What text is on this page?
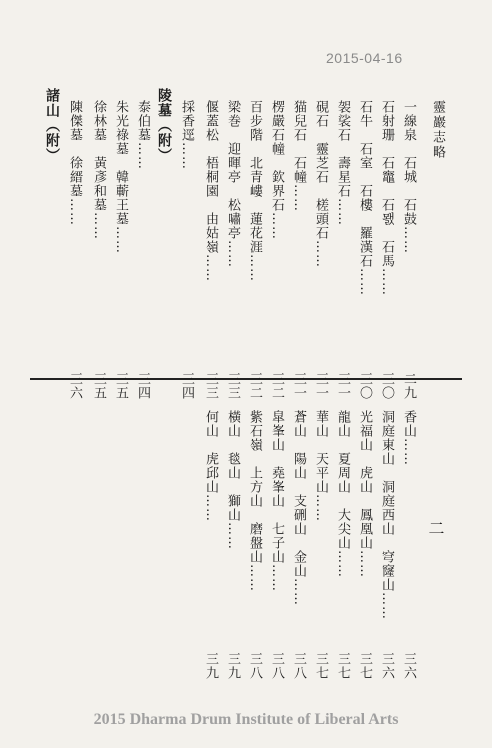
2015-04-16
靈巖志略
二
一線泉　石城　石鼓……
二九
石射珊　石竈　石뫬　石馬……
三〇
石牛　石室　石樓　羅漢石……
三〇
袈裟石　壽星石……
三一
硯石　靈芝石　槎頭石……
三一
猫兒石　石幢……
三一
楞嚴石幢　欽界石……
三二
百步階　北青嶁　蓮花涯……
三二
梁巻　迎暉亭　松嘯亭……
三三
偃蓋松　梧桐園　由姑嶺……
三三
採香逕……
三四
陵墓（附）
泰伯墓……
三四
朱光祿墓　韓蘄王墓……
三五
徐林墓　黃彥和墓……
三五
陳傑墓　徐縉墓……
三六
諸山（附）
香山……
三六
洞庭東山　洞庭西山　穹窿山……
三六
光福山　虎山　鳳凰山……
三七
龍山　夏周山　大尖山……
三七
華山　天平山……
三七
蒼山　陽山　支硎山　金山……
三八
皐峯山　堯峯山　七子山……
三八
紫石嶺　上方山　磨盤山……
三八
橫山　毯山　獅山……
三九
何山　虎邱山……
三九
2015 Dharma Drum Institute of Liberal Arts
